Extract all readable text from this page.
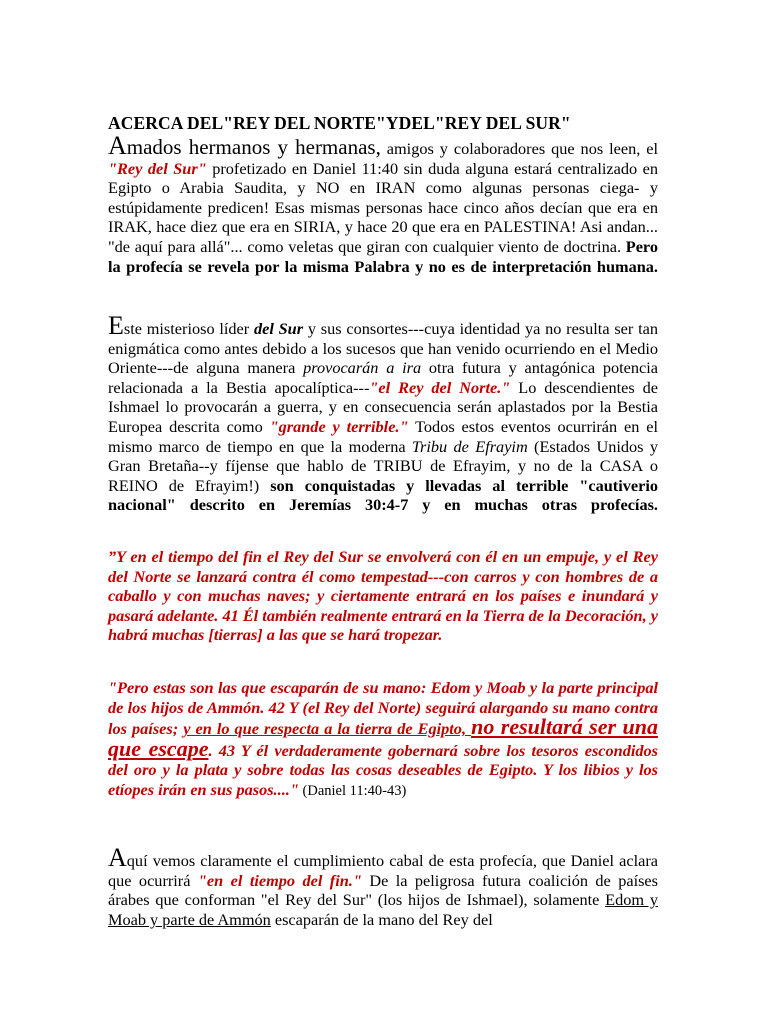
ACERCA DEL"REY DEL NORTE"YDEL"REY DEL SUR"
Amados hermanos y hermanas, amigos y colaboradores que nos leen, el "Rey del Sur" profetizado en Daniel 11:40 sin duda alguna estará centralizado en Egipto o Arabia Saudita, y NO en IRAN como algunas personas ciega- y estúpidamente predicen! Esas mismas personas hace cinco años decían que era en IRAK, hace diez que era en SIRIA, y hace 20 que era en PALESTINA! Asi andan... "de aquí para allá"... como veletas que giran con cualquier viento de doctrina. Pero la profecía se revela por la misma Palabra y no es de interpretación humana.
Este misterioso líder del Sur y sus consortes---cuya identidad ya no resulta ser tan enigmática como antes debido a los sucesos que han venido ocurriendo en el Medio Oriente---de alguna manera provocarán a ira otra futura y antagónica potencia relacionada a la Bestia apocalíptica---"el Rey del Norte." Lo descendientes de Ishmael lo provocarán a guerra, y en consecuencia serán aplastados por la Bestia Europea descrita como "grande y terrible." Todos estos eventos ocurrirán en el mismo marco de tiempo en que la moderna Tribu de Efrayim (Estados Unidos y Gran Bretaña--y fíjense que hablo de TRIBU de Efrayim, y no de la CASA o REINO de Efrayim!) son conquistadas y llevadas al terrible "cautiverio nacional" descrito en Jeremías 30:4-7 y en muchas otras profecías.
”Y en el tiempo del fin el Rey del Sur se envolverá con él en un empuje, y el Rey del Norte se lanzará contra él como tempestad---con carros y con hombres de a caballo y con muchas naves; y ciertamente entrará en los países e inundará y pasará adelante. 41 Él también realmente entrará en la Tierra de la Decoración, y habrá muchas [tierras] a las que se hará tropezar.
"Pero estas son las que escaparán de su mano: Edom y Moab y la parte principal de los hijos de Ammón. 42 Y (el Rey del Norte) seguirá alargando su mano contra los países; y en lo que respecta a la tierra de Egipto, no resultará ser una que escape. 43 Y él verdaderamente gobernará sobre los tesoros escondidos del oro y la plata y sobre todas las cosas deseables de Egipto. Y los libios y los etíopes irán en sus pasos...." (Daniel 11:40-43)
Aquí vemos claramente el cumplimiento cabal de esta profecía, que Daniel aclara que ocurrirá "en el tiempo del fin." De la peligrosa futura coalición de países árabes que conforman "el Rey del Sur" (los hijos de Ishmael), solamente Edom y Moab y parte de Ammón escaparán de la mano del Rey del
